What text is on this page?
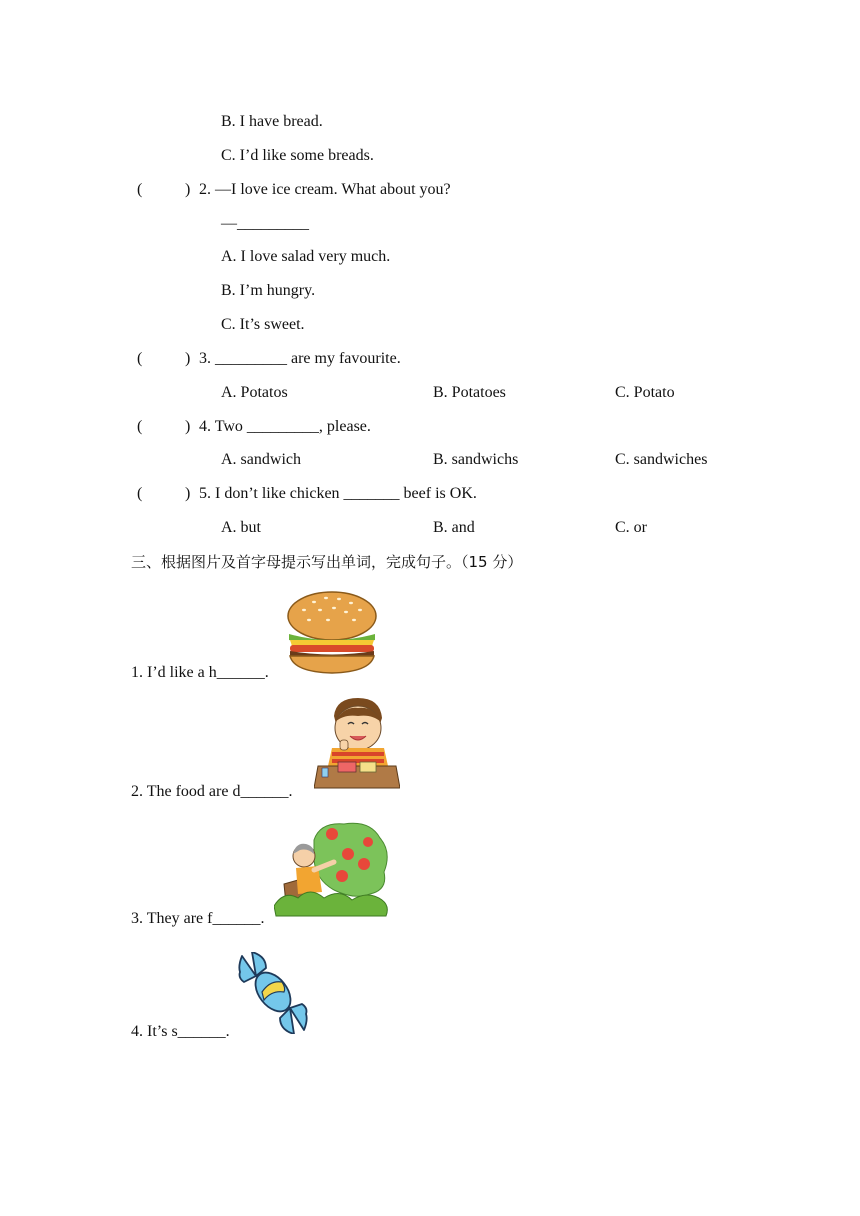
B. I have bread.
C. I’d like some breads.
(	) 2. —I love ice cream. What about you?
—_________
A. I love salad very much.
B. I’m hungry.
C. It’s sweet.
(	) 3. _________ are my favourite.
A. Potatos	B. Potatoes	C. Potato
(	) 4. Two _________, please.
A. sandwich	B. sandwichs	C. sandwiches
(	) 5. I don’t like chicken _______ beef is OK.
A. but	B. and	C. or
三、根据图片及首字母提示写出单词，完成句子。（15 分）
1. I’d like a h______.
2. The food are d______.
3. They are f______.
4. It’s s______.
